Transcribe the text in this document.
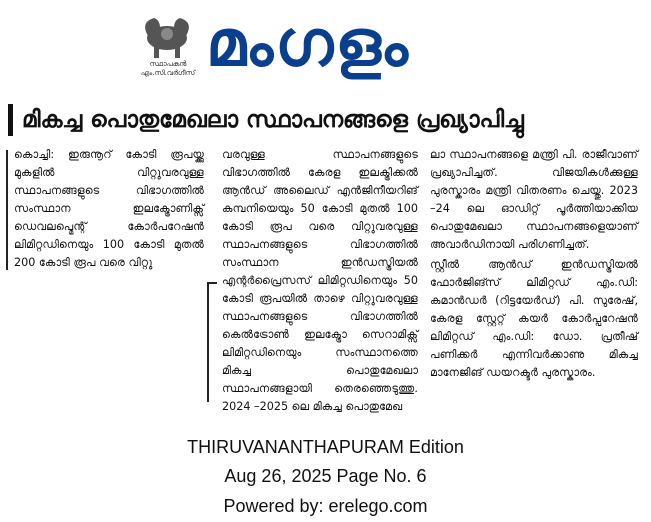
സ്ഥാപകൻ
എം.സി.വർഗീസ് മംഗളം
മികച്ച പൊതുമേഖലാ സ്ഥാപനങ്ങളെ പ്രഖ്യാപിച്ചു

കൊച്ചി: ഇരുനൂറ് കോടി രൂപയ്ക്കു മുകളിൽ വിറ്റുവരവുള്ള സ്ഥാപനങ്ങളുടെ വിഭാഗത്തിൽ സംസ്ഥാന ഇലക്ട്രോണിക്സ് ഡെവലപ്മെന്റ് കോർപറേഷൻ ലിമിറ്റഡിനെയും 100 കോടി മുതൽ 200 കോടി രൂപ വരെ വിറ്റു

വരവുള്ള സ്ഥാപനങ്ങളുടെ വിഭാഗത്തിൽ കേരള ഇലക്ട്രിക്കൽ ആൻഡ് അലൈഡ് എൻജിനീയറിങ് കമ്പനിയെയും 50 കോടി മുതൽ 100 കോടി രൂപ വരെ വിറ്റുവരവുള്ള സ്ഥാപനങ്ങളുടെ വിഭാഗത്തിൽ സംസ്ഥാന ഇൻഡസ്ട്രിയൽ എന്റർപ്രൈസസ് ലിമിറ്റഡിനെയും 50 കോടി രൂപയിൽ താഴെ വിറ്റുവരവുള്ള സ്ഥാപനങ്ങളുടെ വിഭാഗത്തിൽ കെൽട്രോൺ ഇലക്ട്രോ സെറാമിക്സ് ലിമിറ്റഡിനെയും സംസ്ഥാനത്തെ മികച്ച പൊതുമേഖലാ സ്ഥാപനങ്ങളായി തെരഞ്ഞെടുത്തു. 2024 –2025 ലെ മികച്ച പൊതുമേഖ

ലാ സ്ഥാപനങ്ങളെ മന്ത്രി പി. രാജീവാണ് പ്രഖ്യാപിച്ചത്. വിജയികൾക്കുള്ള പുരസ്കാരം മന്ത്രി വിതരണം ചെയ്തു. 2023 –24 ലെ ഓഡിറ്റ് പൂർത്തിയാക്കിയ പൊതുമേഖലാ സ്ഥാപനങ്ങളെയാണ് അവാർഡിനായി പരിഗണിച്ചത്.

സ്റ്റീൽ ആൻഡ് ഇൻഡസ്ട്രിയൽ ഫോർജിങ്സ് ലിമിറ്റഡ് എം.ഡി: കമാൻഡർ (റിട്ടയേർഡ്) പി. സുരേഷ്, കേരള സ്റ്റേറ്റ് കയർ കോർപ്പറേഷൻ ലിമിറ്റഡ് എം.ഡി: ഡോ. പ്രതീഷ് പണിക്കർ എന്നിവർക്കാണു മികച്ച മാനേജിങ് ഡയറക്ടർ പുരസ്കാരം.

THIRUVANANTHAPURAM Edition
Aug 26, 2025 Page No. 6
Powered by: erelego.com
